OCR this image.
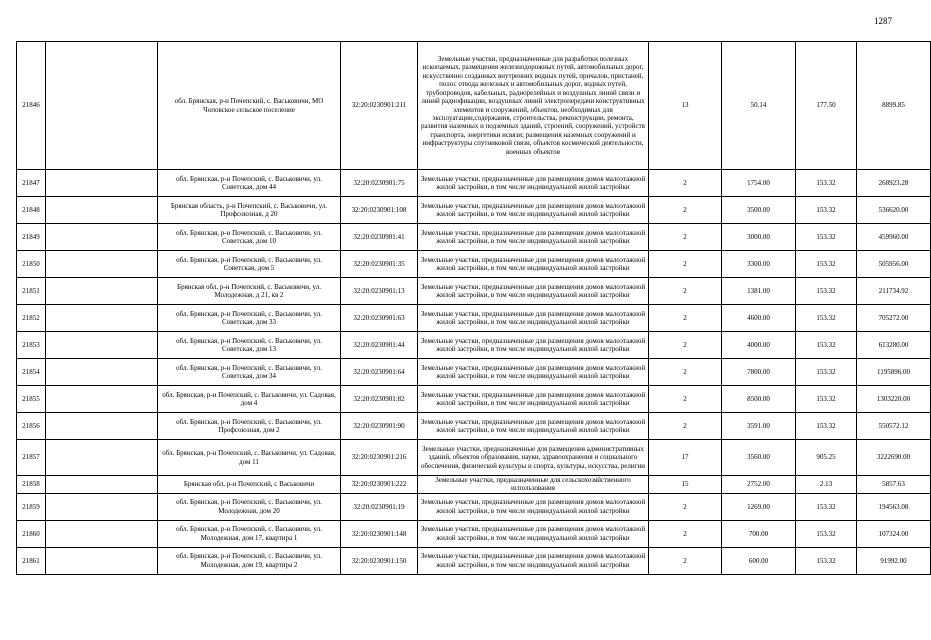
1287
21846		обл. Брянская, р-н Почепский, с. Васьковичи, МО Чоповское сельское поселение	32:20:0230901:211	Земельные участки, предназначенные для разработки полезных ископаемых, размещения железнодорожных путей, автомобильных дорог, искусственно созданных внутренних водных путей, причалов, пристаней, полос отвода железных и автомобильных дорог, водных путей, трубопроводов, кабельных, радиорелейных и воздушных линий связи и линий радиофикации, воздушных линий электропередачи конструктивных элементов и сооружений, объектов, необходимых для эксплуатации,содержания, строительства, реконструкции, ремонта, развития наземных и подземных зданий, строений, сооружений, устройств транспорта, энергетики исвязи; размещения наземных сооружений и инфраструктуры спутниковой связи, объектов космической деятельности, военных объектов	13	50.14	177.50	8899.85
21847		обл. Брянская, р-н Почепский, с. Васьковичи, ул. Советская, дом 44	32:20:0230901:75	Земельные участки, предназначенные для размещения домов малоэтажной жилой застройки, в том числе индивидуальной жилой застройки	2	1754.00	153.32	268923.28
21848		Брянская область, р-н Почепский, с. Васьковичи, ул. Профсоюзная, д 20	32:20:0230901:108	Земельные участки, предназначенные для размещения домов малоэтажной жилой застройки, в том числе индивидуальной жилой застройки	2	3500.00	153.32	536620.00
21849		обл. Брянская, р-н Почепский, с. Васьковичи, ул. Советская, дом 10	32:20:0230901:41	Земельные участки, предназначенные для размещения домов малоэтажной жилой застройки, в том числе индивидуальной жилой застройки	2	3000.00	153.32	459960.00
21850		обл. Брянская, р-н Почепский, с. Васьковичи, ул. Советская, дом 5	32:20:0230901:35	Земельные участки, предназначенные для размещения домов малоэтажной жилой застройки, в том числе индивидуальной жилой застройки	2	3300.00	153.32	505956.00
21851		Брянская обл, р-н Почепский, с. Васьковичи, ул. Молодежная, д 21, кв 2	32:20:0230901:13	Земельные участки, предназначенные для размещения домов малоэтажной жилой застройки, в том числе индивидуальной жилой застройки	2	1381.00	153.32	211734.92
21852		обл. Брянская, р-н Почепский, с. Васьковичи, ул. Советская, дом 33	32:20:0230901:63	Земельные участки, предназначенные для размещения домов малоэтажной жилой застройки, в том числе индивидуальной жилой застройки	2	4600.00	153.32	705272.00
21853		обл. Брянская, р-н Почепский, с. Васьковичи, ул. Советская, дом 13	32:20:0230901:44	Земельные участки, предназначенные для размещения домов малоэтажной жилой застройки, в том числе индивидуальной жилой застройки	2	4000.00	153.32	613280.00
21854		обл. Брянская, р-н Почепский, с. Васьковичи, ул. Советская, дом 34	32:20:0230901:64	Земельные участки, предназначенные для размещения домов малоэтажной жилой застройки, в том числе индивидуальной жилой застройки	2	7800.00	153.32	1195896.00
21855		обл. Брянская, р-н Почепский, с. Васьковичи, ул. Садовая, дом 4	32:20:0230901:82	Земельные участки, предназначенные для размещения домов малоэтажной жилой застройки, в том числе индивидуальной жилой застройки	2	8500.00	153.32	1303220.00
21856		обл. Брянская, р-н Почепский, с. Васьковичи, ул. Профсоюзная, дом 2	32:20:0230901:90	Земельные участки, предназначенные для размещения домов малоэтажной жилой застройки, в том числе индивидуальной жилой застройки	2	3591.00	153.32	550572.12
21857		обл. Брянская, р-н Почепский, с. Васьковичи, ул. Садовая, дом 11	32:20:0230901:216	Земельные участки, предназначенные для размещения административных зданий, объектов образования, науки, здравоохранения и социального обеспечения, физической культуры и спорта, культуры, искусства, религии	17	3560.00	905.25	3222690.00
21858		Брянская обл, р-н Почепский, с Васьковичи	32:20:0230901:222	Земельные участки, предназначенные для сельскохозяйственного использования	15	2752.00	2.13	5857.63
21859		обл. Брянская, р-н Почепский, с. Васьковичи, ул. Молодежная, дом 20	32:20:0230901:19	Земельные участки, предназначенные для размещения домов малоэтажной жилой застройки, в том числе индивидуальной жилой застройки	2	1269.00	153.32	194563.08
21860		обл. Брянская, р-н Почепский, с. Васьковичи, ул. Молодежная, дом 17, квартира 1	32:20:0230901:148	Земельные участки, предназначенные для размещения домов малоэтажной жилой застройки, в том числе индивидуальной жилой застройки	2	700.00	153.32	107324.00
21861		обл. Брянская, р-н Почепский, с. Васьковичи, ул. Молодежная, дом 19, квартира 2	32:20:0230901:150	Земельные участки, предназначенные для размещения домов малоэтажной жилой застройки, в том числе индивидуальной жилой застройки	2	600.00	153.32	91992.00
